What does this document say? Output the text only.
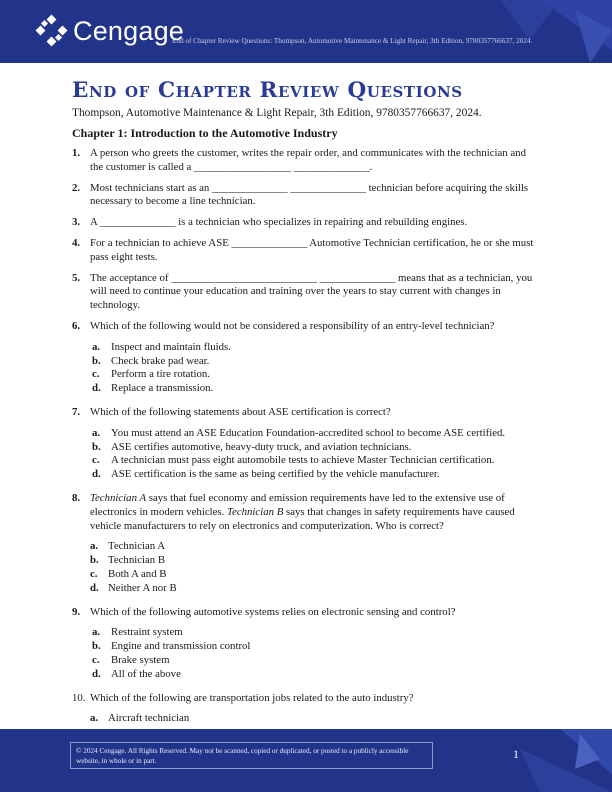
Cengage
End of Chapter Review Questions: Thompson, Automotive Maintenance & Light Repair, 3th Edition, 9780357766637, 2024.
End of Chapter Review Questions
Thompson, Automotive Maintenance & Light Repair, 3th Edition, 9780357766637, 2024.
Chapter 1: Introduction to the Automotive Industry
1. A person who greets the customer, writes the repair order, and communicates with the technician and the customer is called a __________________ ______________.
2. Most technicians start as an ______________ ______________ technician before acquiring the skills necessary to become a line technician.
3. A ______________ is a technician who specializes in repairing and rebuilding engines.
4. For a technician to achieve ASE ______________ Automotive Technician certification, he or she must pass eight tests.
5. The acceptance of ___________________________ ______________ means that as a technician, you will need to continue your education and training over the years to stay current with changes in technology.
6. Which of the following would not be considered a responsibility of an entry-level technician?
a. Inspect and maintain fluids.
b. Check brake pad wear.
c. Perform a tire rotation.
d. Replace a transmission.
7. Which of the following statements about ASE certification is correct?
a. You must attend an ASE Education Foundation-accredited school to become ASE certified.
b. ASE certifies automotive, heavy-duty truck, and aviation technicians.
c. A technician must pass eight automobile tests to achieve Master Technician certification.
d. ASE certification is the same as being certified by the vehicle manufacturer.
8. Technician A says that fuel economy and emission requirements have led to the extensive use of electronics in modern vehicles. Technician B says that changes in safety requirements have caused vehicle manufacturers to rely on electronics and computerization. Who is correct?
a. Technician A
b. Technician B
c. Both A and B
d. Neither A nor B
9. Which of the following automotive systems relies on electronic sensing and control?
a. Restraint system
b. Engine and transmission control
c. Brake system
d. All of the above
10. Which of the following are transportation jobs related to the auto industry?
a. Aircraft technician
© 2024 Cengage. All Rights Reserved. May not be scanned, copied or duplicated, or posted to a publicly accessible website, in whole or in part.	1
